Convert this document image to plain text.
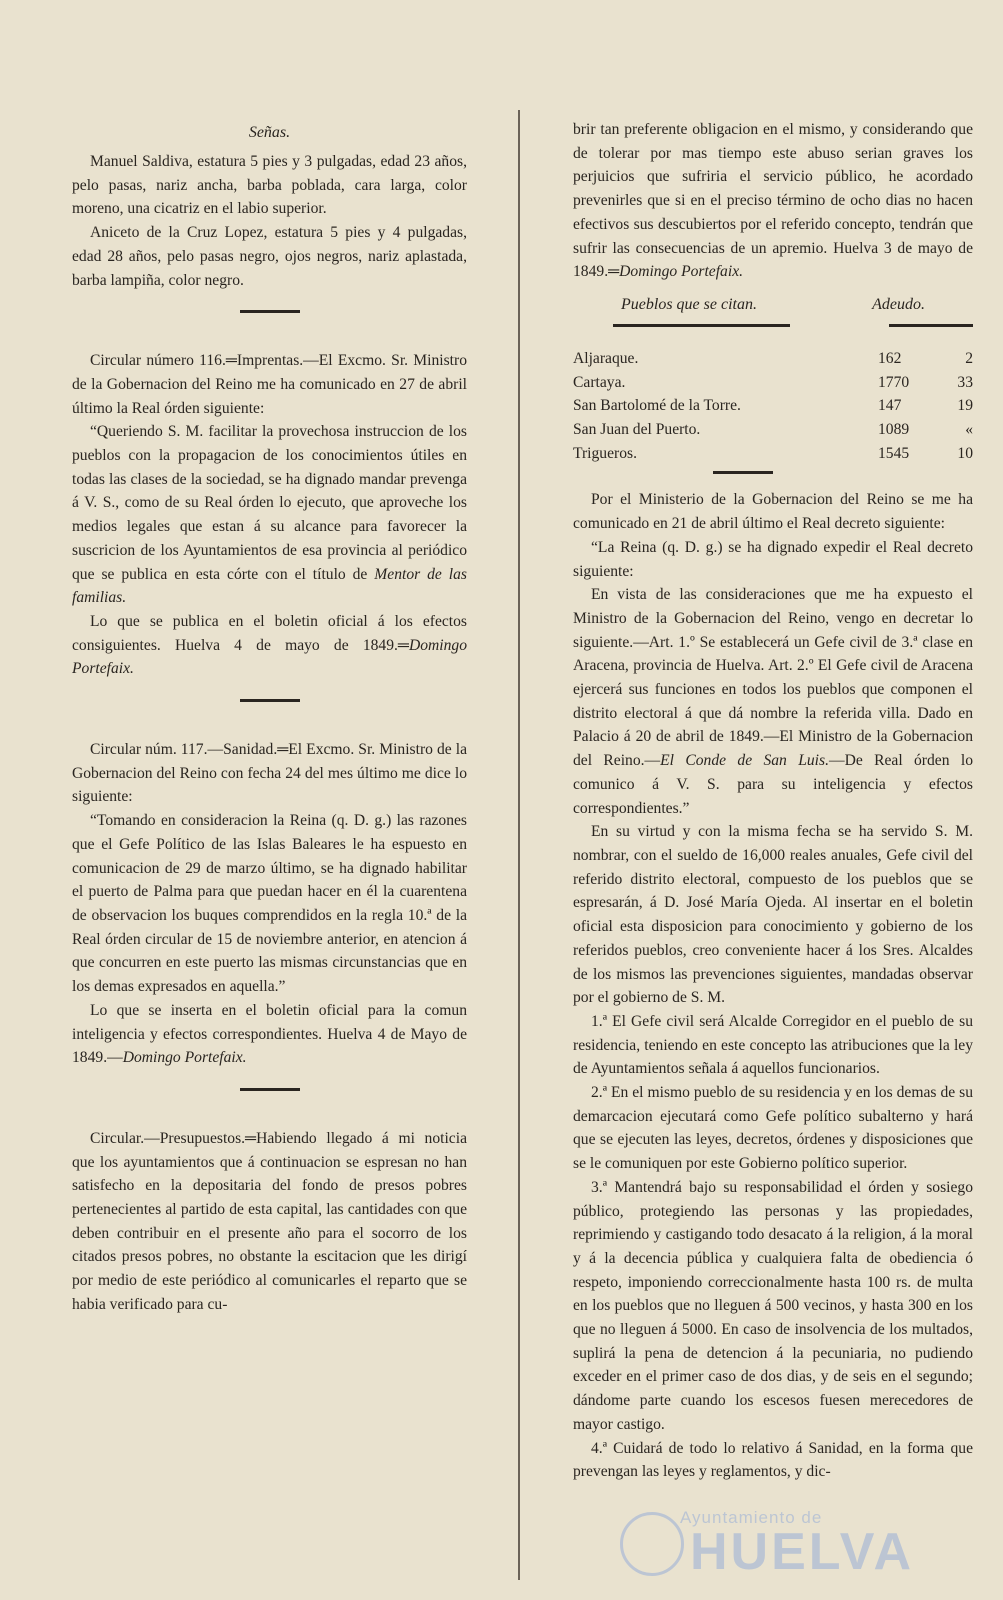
Señas.

Manuel Saldiva, estatura 5 pies y 3 pulgadas, edad 23 años, pelo pasas, nariz ancha, barba poblada, cara larga, color moreno, una cicatriz en el labio superior.

Aniceto de la Cruz Lopez, estatura 5 pies y 4 pulgadas, edad 28 años, pelo pasas negro, ojos negros, nariz aplastada, barba lampiña, color negro.

Circular número 116.═Imprentas.—El Excmo. Sr. Ministro de la Gobernacion del Reino me ha comunicado en 27 de abril último la Real órden siguiente:

“Queriendo S. M. facilitar la provechosa instruccion de los pueblos con la propagacion de los conocimientos útiles en todas las clases de la sociedad, se ha dignado mandar prevenga á V. S., como de su Real órden lo ejecuto, que aproveche los medios legales que estan á su alcance para favorecer la suscricion de los Ayuntamientos de esa provincia al periódico que se publica en esta córte con el título de Mentor de las familias.

Lo que se publica en el boletin oficial á los efectos consiguientes. Huelva 4 de mayo de 1849.═Domingo Portefaix.

Circular núm. 117.—Sanidad.═El Excmo. Sr. Ministro de la Gobernacion del Reino con fecha 24 del mes último me dice lo siguiente:

“Tomando en consideracion la Reina (q. D. g.) las razones que el Gefe Político de las Islas Baleares le ha espuesto en comunicacion de 29 de marzo último, se ha dignado habilitar el puerto de Palma para que puedan hacer en él la cuarentena de observacion los buques comprendidos en la regla 10.ª de la Real órden circular de 15 de noviembre anterior, en atencion á que concurren en este puerto las mismas circunstancias que en los demas expresados en aquella.”

Lo que se inserta en el boletin oficial para la comun inteligencia y efectos correspondientes. Huelva 4 de Mayo de 1849.—Domingo Portefaix.

Circular.—Presupuestos.═Habiendo llegado á mi noticia que los ayuntamientos que á continuacion se espresan no han satisfecho en la depositaria del fondo de presos pobres pertenecientes al partido de esta capital, las cantidades con que deben contribuir en el presente año para el socorro de los citados presos pobres, no obstante la escitacion que les dirigí por medio de este periódico al comunicarles el reparto que se habia verificado para cu-

brir tan preferente obligacion en el mismo, y considerando que de tolerar por mas tiempo este abuso serian graves los perjuicios que sufriria el servicio público, he acordado prevenirles que si en el preciso término de ocho dias no hacen efectivos sus descubiertos por el referido concepto, tendrán que sufrir las consecuencias de un apremio. Huelva 3 de mayo de 1849.═Domingo Portefaix.

Pueblos que se citan.	Adeudo.
Aljaraque.	162	2
Cartaya.	1770	33
San Bartolomé de la Torre.	147	19
San Juan del Puerto.	1089	«
Trigueros.	1545	10

Por el Ministerio de la Gobernacion del Reino se me ha comunicado en 21 de abril último el Real decreto siguiente:

“La Reina (q. D. g.) se ha dignado expedir el Real decreto siguiente:

En vista de las consideraciones que me ha expuesto el Ministro de la Gobernacion del Reino, vengo en decretar lo siguiente.—Art. 1.º Se establecerá un Gefe civil de 3.ª clase en Aracena, provincia de Huelva. Art. 2.º El Gefe civil de Aracena ejercerá sus funciones en todos los pueblos que componen el distrito electoral á que dá nombre la referida villa. Dado en Palacio á 20 de abril de 1849.—El Ministro de la Gobernacion del Reino.—El Conde de San Luis.—De Real órden lo comunico á V. S. para su inteligencia y efectos correspondientes.”

En su virtud y con la misma fecha se ha servido S. M. nombrar, con el sueldo de 16,000 reales anuales, Gefe civil del referido distrito electoral, compuesto de los pueblos que se espresarán, á D. José María Ojeda. Al insertar en el boletin oficial esta disposicion para conocimiento y gobierno de los referidos pueblos, creo conveniente hacer á los Sres. Alcaldes de los mismos las prevenciones siguientes, mandadas observar por el gobierno de S. M.

1.ª El Gefe civil será Alcalde Corregidor en el pueblo de su residencia, teniendo en este concepto las atribuciones que la ley de Ayuntamientos señala á aquellos funcionarios.

2.ª En el mismo pueblo de su residencia y en los demas de su demarcacion ejecutará como Gefe político subalterno y hará que se ejecuten las leyes, decretos, órdenes y disposiciones que se le comuniquen por este Gobierno político superior.

3.ª Mantendrá bajo su responsabilidad el órden y sosiego público, protegiendo las personas y las propiedades, reprimiendo y castigando todo desacato á la religion, á la moral y á la decencia pública y cualquiera falta de obediencia ó respeto, imponiendo correccionalmente hasta 100 rs. de multa en los pueblos que no lleguen á 500 vecinos, y hasta 300 en los que no lleguen á 5000. En caso de insolvencia de los multados, suplirá la pena de detencion á la pecuniaria, no pudiendo exceder en el primer caso de dos dias, y de seis en el segundo; dándome parte cuando los escesos fuesen merecedores de mayor castigo.

4.ª Cuidará de todo lo relativo á Sanidad, en la forma que prevengan las leyes y reglamentos, y dic-

Ayuntamiento de
HUELVA
